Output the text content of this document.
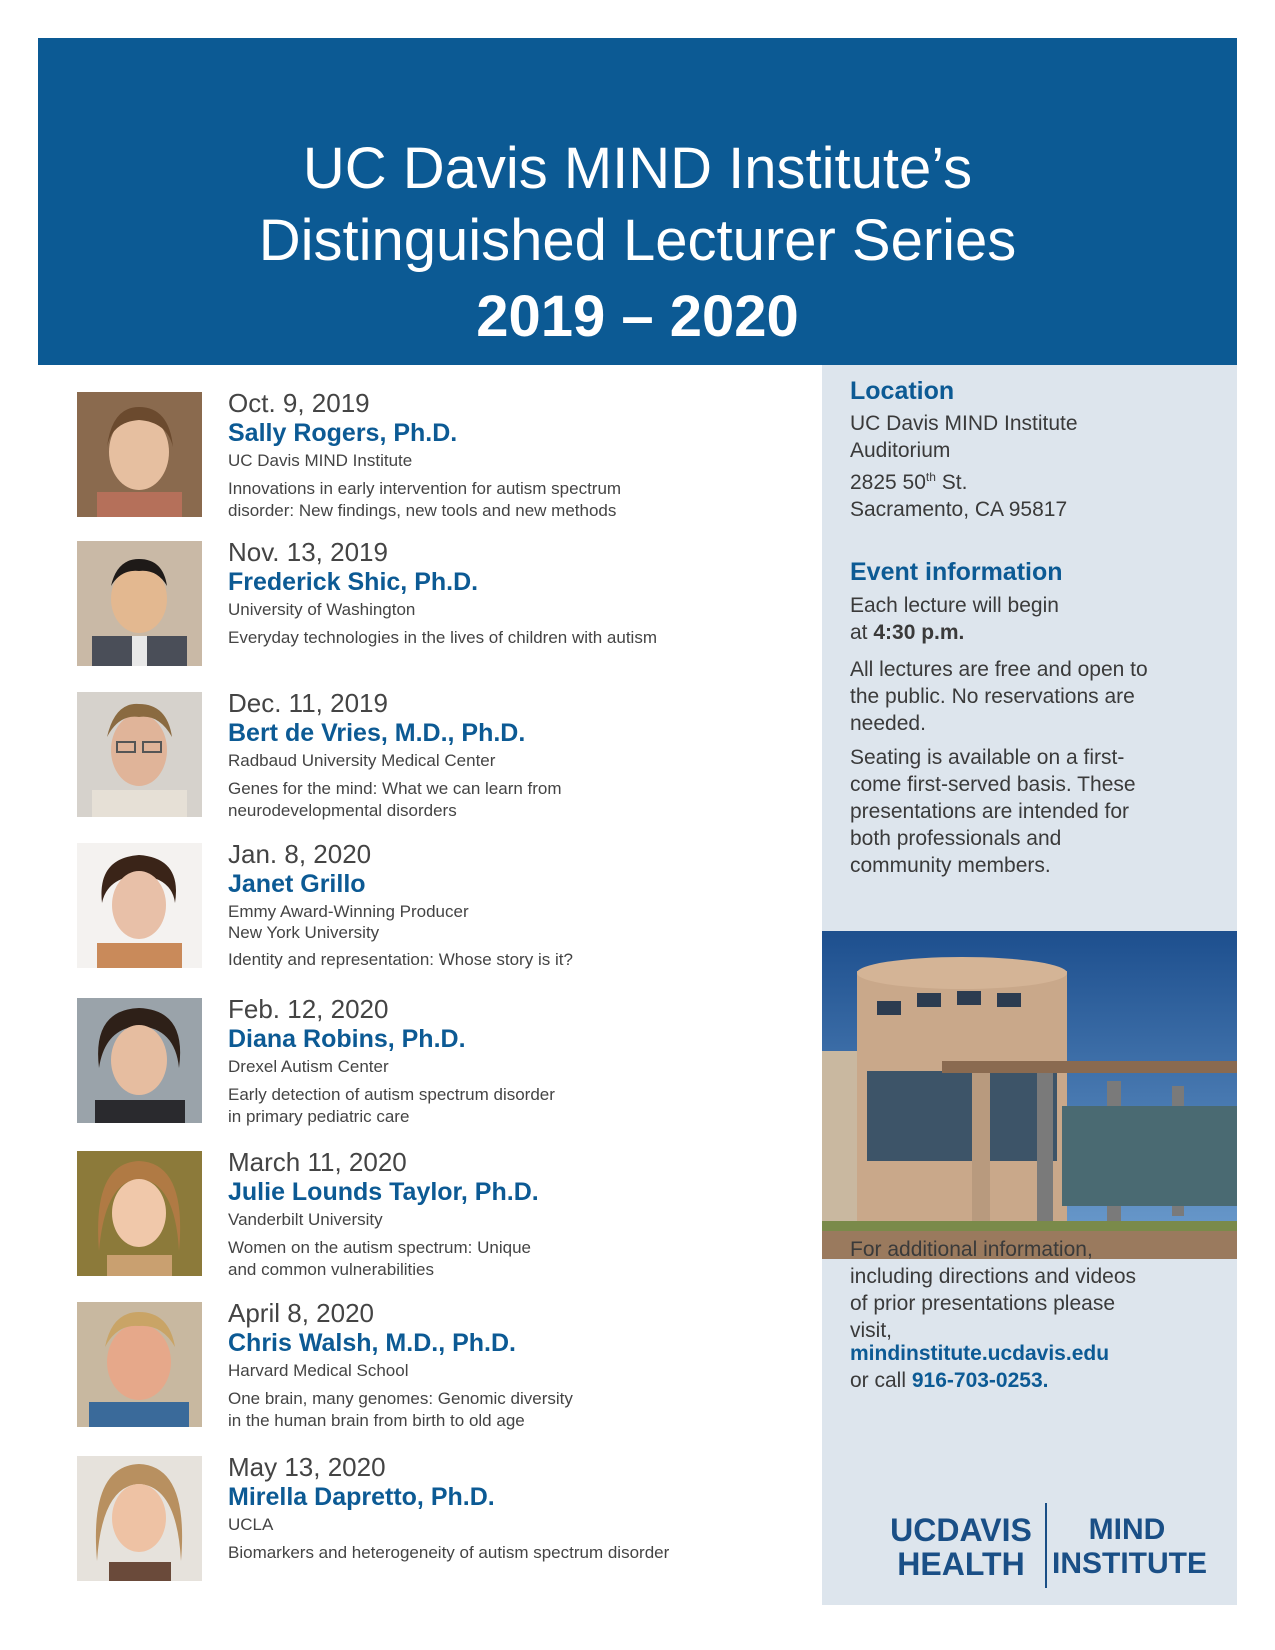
UC Davis MIND Institute’s
Distinguished Lecturer Series
2019 – 2020
Oct. 9, 2019
Sally Rogers, Ph.D.
UC Davis MIND Institute
Innovations in early intervention for autism spectrum
disorder: New findings, new tools and new methods
Nov. 13, 2019
Frederick Shic, Ph.D.
University of Washington
Everyday technologies in the lives of children with autism
Dec. 11, 2019
Bert de Vries, M.D., Ph.D.
Radbaud University Medical Center
Genes for the mind: What we can learn from
neurodevelopmental disorders
Jan. 8, 2020
Janet Grillo
Emmy Award-Winning Producer
New York University
Identity and representation: Whose story is it?
Feb. 12, 2020
Diana Robins, Ph.D.
Drexel Autism Center
Early detection of autism spectrum disorder
in primary pediatric care
March 11, 2020
Julie Lounds Taylor, Ph.D.
Vanderbilt University
Women on the autism spectrum: Unique
and common vulnerabilities
April 8, 2020
Chris Walsh, M.D., Ph.D.
Harvard Medical School
One brain, many genomes: Genomic diversity
in the human brain from birth to old age
May 13, 2020
Mirella Dapretto, Ph.D.
UCLA
Biomarkers and heterogeneity of autism spectrum disorder
Location
UC Davis MIND Institute
Auditorium
2825 50th St.
Sacramento, CA 95817
Event information
Each lecture will begin
at 4:30 p.m.
All lectures are free and open to the public. No reservations are needed.
Seating is available on a first-come first-served basis. These presentations are intended for both professionals and community members.
For additional information, including directions and videos of prior presentations please visit,
mindinstitute.ucdavis.edu
or call 916-703-0253.
UCDAVIS
HEALTH
MIND
INSTITUTE
